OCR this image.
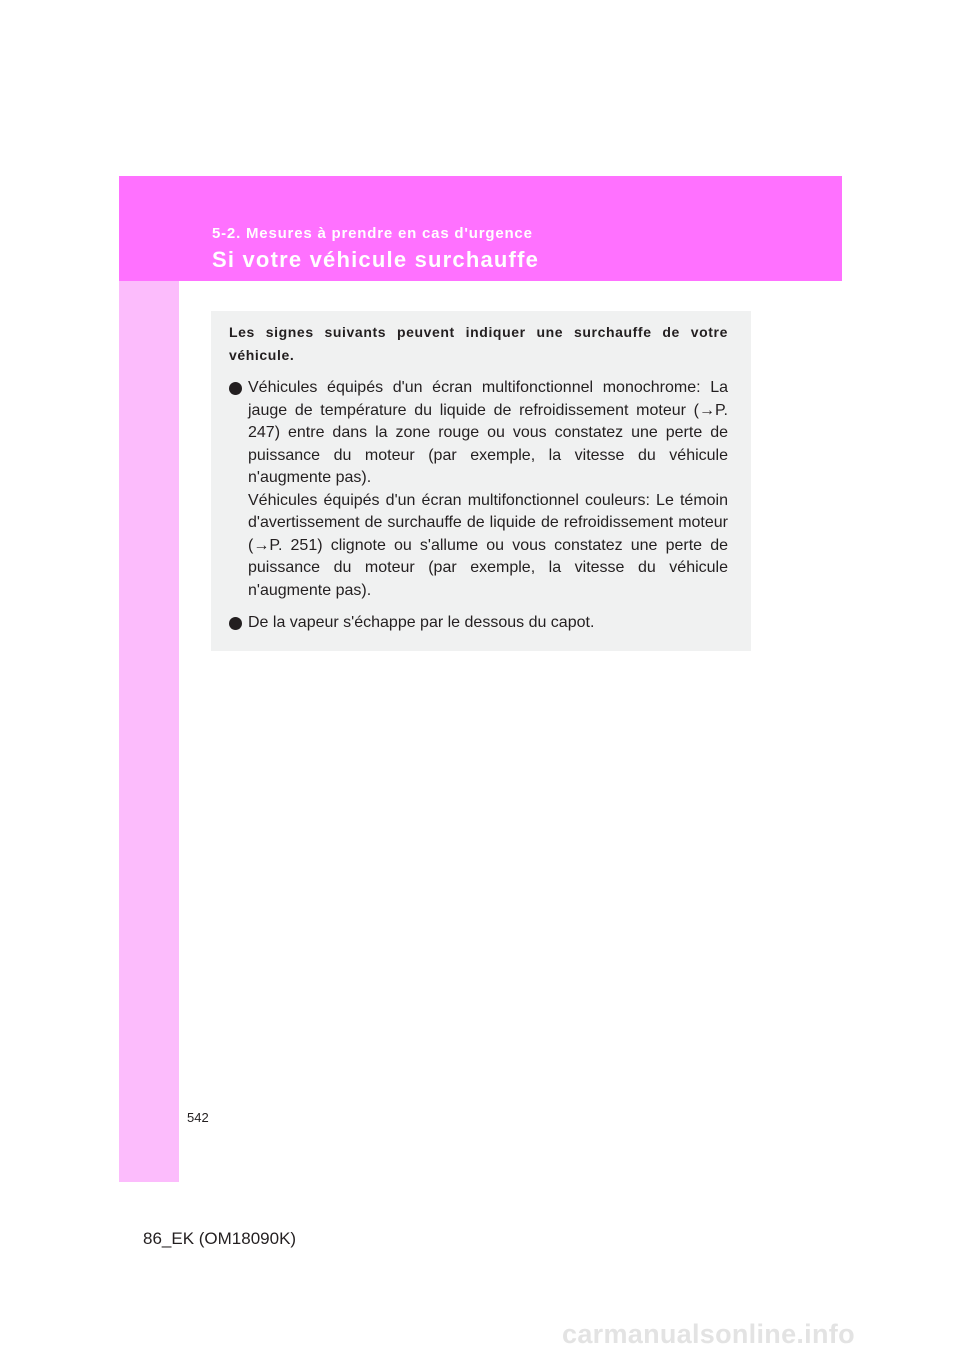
5-2. Mesures à prendre en cas d'urgence
Si votre véhicule surchauffe
Les signes suivants peuvent indiquer une surchauffe de votre véhicule.

Véhicules équipés d'un écran multifonctionnel monochrome: La jauge de température du liquide de refroidissement moteur (→P. 247) entre dans la zone rouge ou vous constatez une perte de puissance du moteur (par exemple, la vitesse du véhicule n'augmente pas).

Véhicules équipés d'un écran multifonctionnel couleurs: Le témoin d'avertissement de surchauffe de liquide de refroidissement moteur (→P. 251) clignote ou s'allume ou vous constatez une perte de puissance du moteur (par exemple, la vitesse du véhicule n'augmente pas).

De la vapeur s'échappe par le dessous du capot.

542
86_EK (OM18090K)
carmanualsonline.info
